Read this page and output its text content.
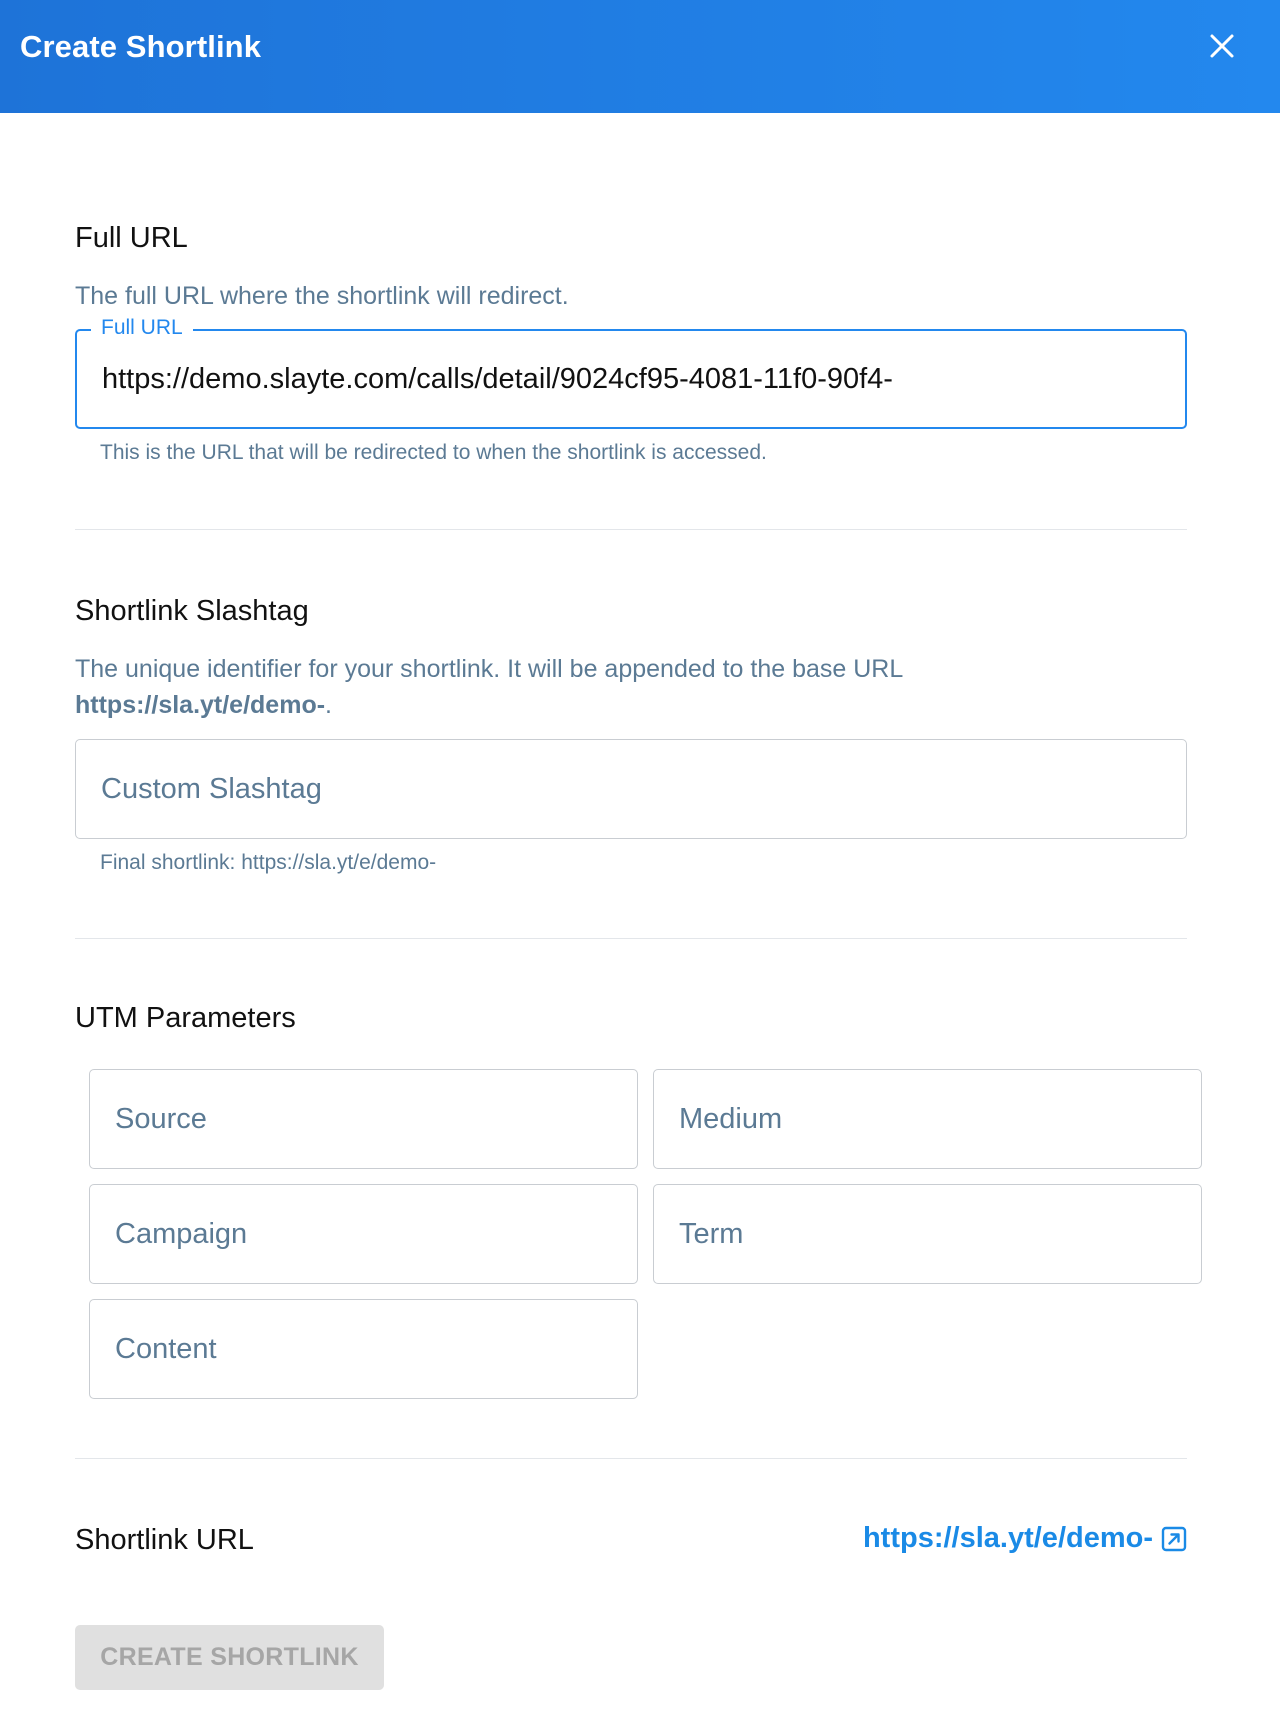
Create Shortlink
Full URL
The full URL where the shortlink will redirect.
Full URL
https://demo.slayte.com/calls/detail/9024cf95-4081-11f0-90f4-
This is the URL that will be redirected to when the shortlink is accessed.
Shortlink Slashtag
The unique identifier for your shortlink. It will be appended to the base URL
https://sla.yt/e/demo-.
Custom Slashtag
Final shortlink: https://sla.yt/e/demo-
UTM Parameters
Source
Medium
Campaign
Term
Content
Shortlink URL	https://sla.yt/e/demo-
CREATE SHORTLINK
